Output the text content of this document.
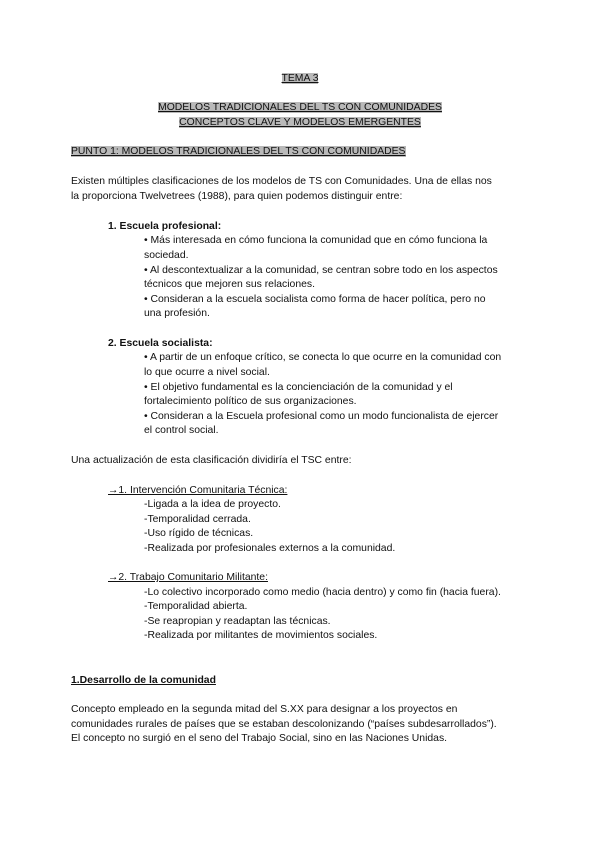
TEMA 3
MODELOS TRADICIONALES DEL TS CON COMUNIDADES
CONCEPTOS CLAVE Y MODELOS EMERGENTES
PUNTO 1: MODELOS TRADICIONALES DEL TS CON COMUNIDADES
Existen múltiples clasificaciones de los modelos de TS con Comunidades. Una de ellas nos
la proporciona Twelvetrees (1988), para quien podemos distinguir entre:
1. Escuela profesional:
• Más interesada en cómo funciona la comunidad que en cómo funciona la
sociedad.
• Al descontextualizar a la comunidad, se centran sobre todo en los aspectos
técnicos que mejoren sus relaciones.
• Consideran a la escuela socialista como forma de hacer política, pero no
una profesión.
2. Escuela socialista:
• A partir de un enfoque crítico, se conecta lo que ocurre en la comunidad con
lo que ocurre a nivel social.
• El objetivo fundamental es la concienciación de la comunidad y el
fortalecimiento político de sus organizaciones.
• Consideran a la Escuela profesional como un modo funcionalista de ejercer
el control social.
Una actualización de esta clasificación dividiría el TSC entre:
→1. Intervención Comunitaria Técnica:
-Ligada a la idea de proyecto.
-Temporalidad cerrada.
-Uso rígido de técnicas.
-Realizada por profesionales externos a la comunidad.
→2. Trabajo Comunitario Militante:
-Lo colectivo incorporado como medio (hacia dentro) y como fin (hacia fuera).
-Temporalidad abierta.
-Se reapropian y readaptan las técnicas.
-Realizada por militantes de movimientos sociales.
1.Desarrollo de la comunidad
Concepto empleado en la segunda mitad del S.XX para designar a los proyectos en
comunidades rurales de países que se estaban descolonizando (“países subdesarrollados”).
El concepto no surgió en el seno del Trabajo Social, sino en las Naciones Unidas.
